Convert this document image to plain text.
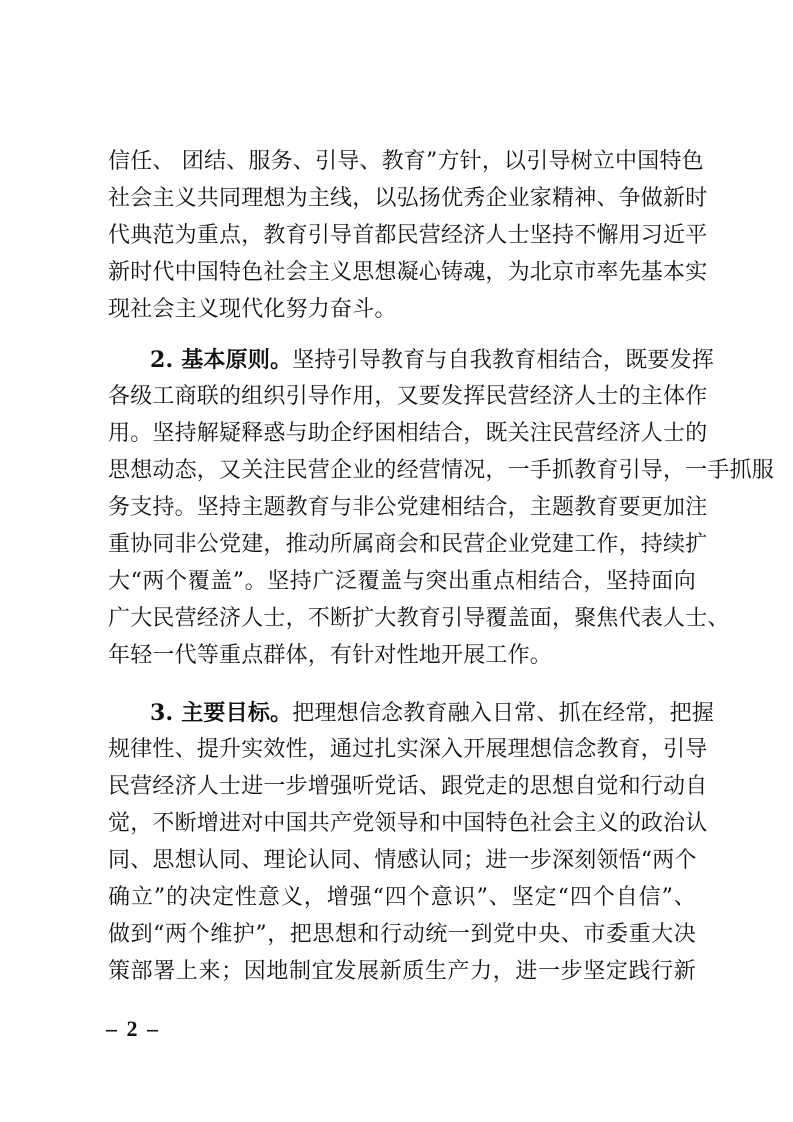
信任、 团结、服务、引导、教育”方针，以引导树立中国特色
社会主义共同理想为主线，以弘扬优秀企业家精神、争做新时
代典范为重点，教育引导首都民营经济人士坚持不懈用习近平
新时代中国特色社会主义思想凝心铸魂，为北京市率先基本实
现社会主义现代化努力奋斗。
2. 基本原则。坚持引导教育与自我教育相结合，既要发挥
各级工商联的组织引导作用，又要发挥民营经济人士的主体作
用。坚持解疑释惑与助企纾困相结合，既关注民营经济人士的
思想动态，又关注民营企业的经营情况，一手抓教育引导，一手抓服
务支持。坚持主题教育与非公党建相结合，主题教育要更加注
重协同非公党建，推动所属商会和民营企业党建工作，持续扩
大“两个覆盖”。坚持广泛覆盖与突出重点相结合，坚持面向
广大民营经济人士，不断扩大教育引导覆盖面，聚焦代表人士、
年轻一代等重点群体，有针对性地开展工作。
3. 主要目标。把理想信念教育融入日常、抓在经常，把握
规律性、提升实效性，通过扎实深入开展理想信念教育，引导
民营经济人士进一步增强听党话、跟党走的思想自觉和行动自
觉，不断增进对中国共产党领导和中国特色社会主义的政治认
同、思想认同、理论认同、情感认同；进一步深刻领悟“两个
确立”的决定性意义，增强“四个意识”、坚定“四个自信”、
做到“两个维护”，把思想和行动统一到党中央、市委重大决
策部署上来；因地制宜发展新质生产力，进一步坚定践行新
– 2 –
